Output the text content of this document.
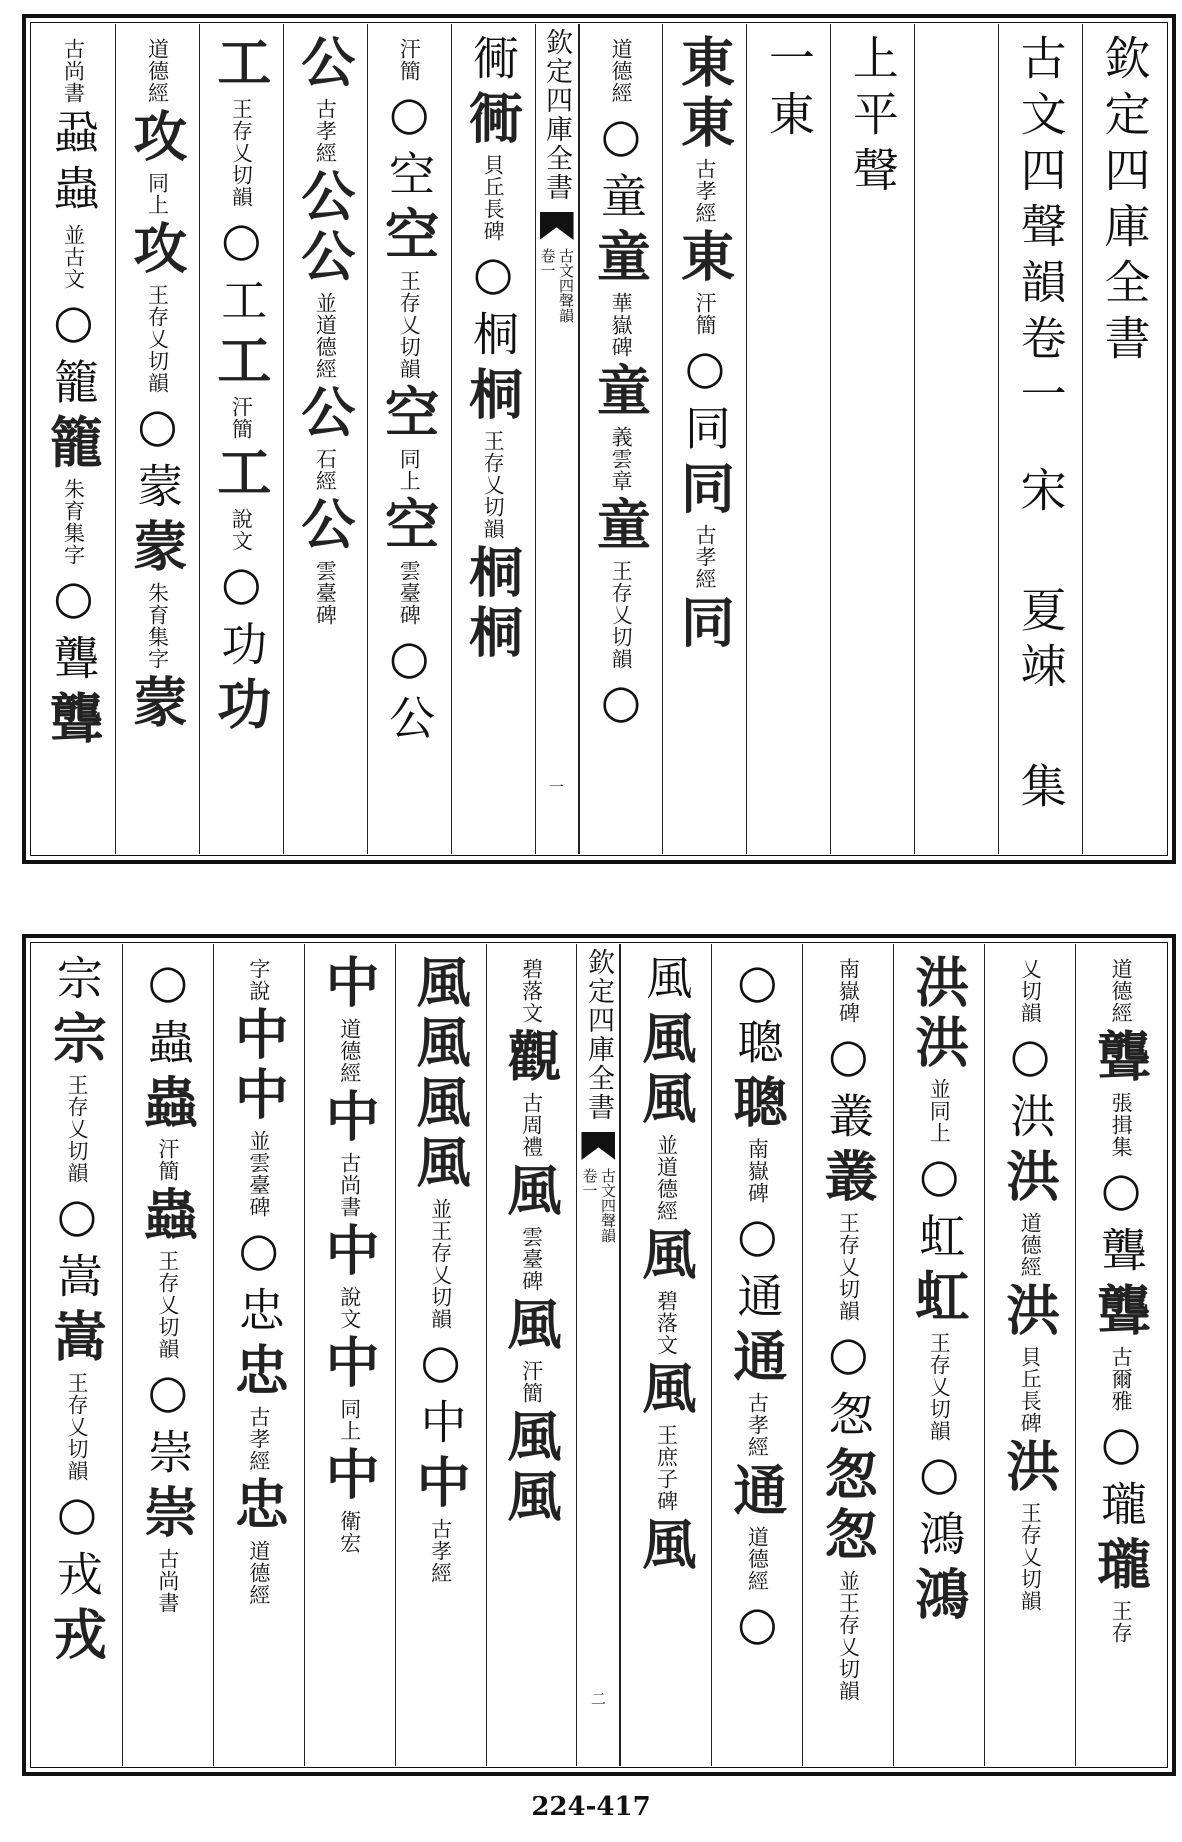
欽定四庫全書
古文四聲韻卷一
宋 夏竦 集
上平聲
一東
東
東
古孝經
東
汗簡
○同
同
古孝經
同
道德經
○童
童
華嶽碑
童
義雲章
童
王存乂切韻
○
欽定四庫全書
古文四聲韻
卷一
一
衕
衕
貝丘長碑
○桐
桐
王存乂切韻
桐
桐
汗簡
○空
空
王存乂切韻
空
同上
空
雲臺碑
○公
公
古孝經
公
公
並道德經
公
石經
公
雲臺碑
工
王存乂切韻
○工
工
汗簡
工
說文
○功
功
道德經
攻
同上
攻
王存乂切韻
○蒙
蒙
朱育集字
蒙
古尚書
蝨蟲
並古文
○籠
籠
朱育集字
○聾
聾
道德經
聾
張揖集
○聾
聾
古爾雅
○瓏
瓏
王存
乂切韻
○洪
洪
道德經
洪
貝丘長碑
洪
王存乂切韻
洪
洪
並同上
○虹
虹
王存乂切韻
○鴻
鴻
南嶽碑
○叢
叢
王存乂切韻
○怱
怱
怱
並王存乂切韻
○聰
聰
南嶽碑
○通
通
古孝經
通
道德經
○
風
風
風
並道德經
風
碧落文
風
王庶子碑
風
欽定四庫全書
古文四聲韻
卷一
二
碧落文
觀
古周禮
風
雲臺碑
風
汗簡
風
風
風
風
風
風
並王存乂切韻
○中
中
古孝經
中
道德經
中
古尚書
中
說文
中
同上
中
衛宏
字說
中
中
並雲臺碑
○忠
忠
古孝經
忠
道德經
○蟲
蟲
汗簡
蟲
王存乂切韻
○崇
崇
古尚書
宗
宗
王存乂切韻
○嵩
嵩
王存乂切韻
○戎
戎
224-417
